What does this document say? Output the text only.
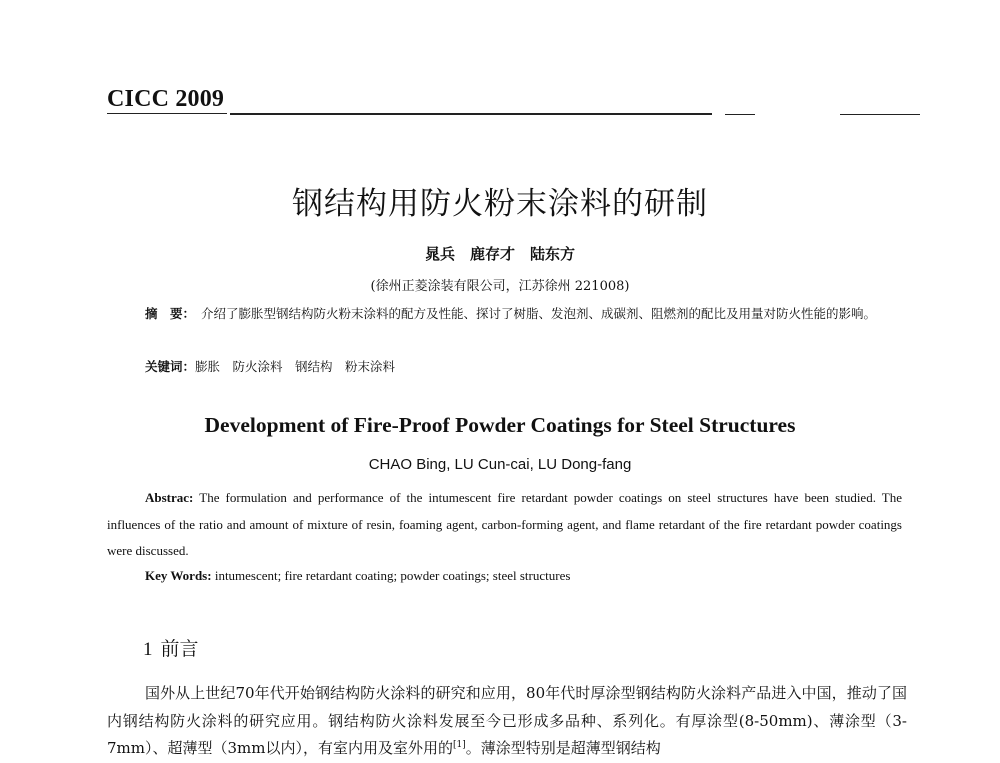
CICC 2009
钢结构用防火粉末涂料的研制
晁兵　鹿存才　陆东方
(徐州正菱涂装有限公司，江苏徐州 221008)
摘　要： 介绍了膨胀型钢结构防火粉末涂料的配方及性能、探讨了树脂、发泡剂、成碳剂、阻燃剂的配比及用量对防火性能的影响。
关键词：膨胀　防火涂料　钢结构　粉末涂料
Development of Fire-Proof Powder Coatings for Steel Structures
CHAO Bing, LU Cun-cai, LU Dong-fang
Abstrac: The formulation and performance of the intumescent fire retardant powder coatings on steel structures have been studied. The influences of the ratio and amount of mixture of resin, foaming agent, carbon-forming agent, and flame retardant of the fire retardant powder coatings were discussed.
Key Words: intumescent; fire retardant coating; powder coatings; steel structures
1 前言
国外从上世纪70年代开始钢结构防火涂料的研究和应用，80年代时厚涂型钢结构防火涂料产品进入中国，推动了国内钢结构防火涂料的研究应用。钢结构防火涂料发展至今已形成多品种、系列化。有厚涂型(8-50mm)、薄涂型（3-7mm）、超薄型（3mm以内），有室内用及室外用的[1]。薄涂型特别是超薄型钢结构
